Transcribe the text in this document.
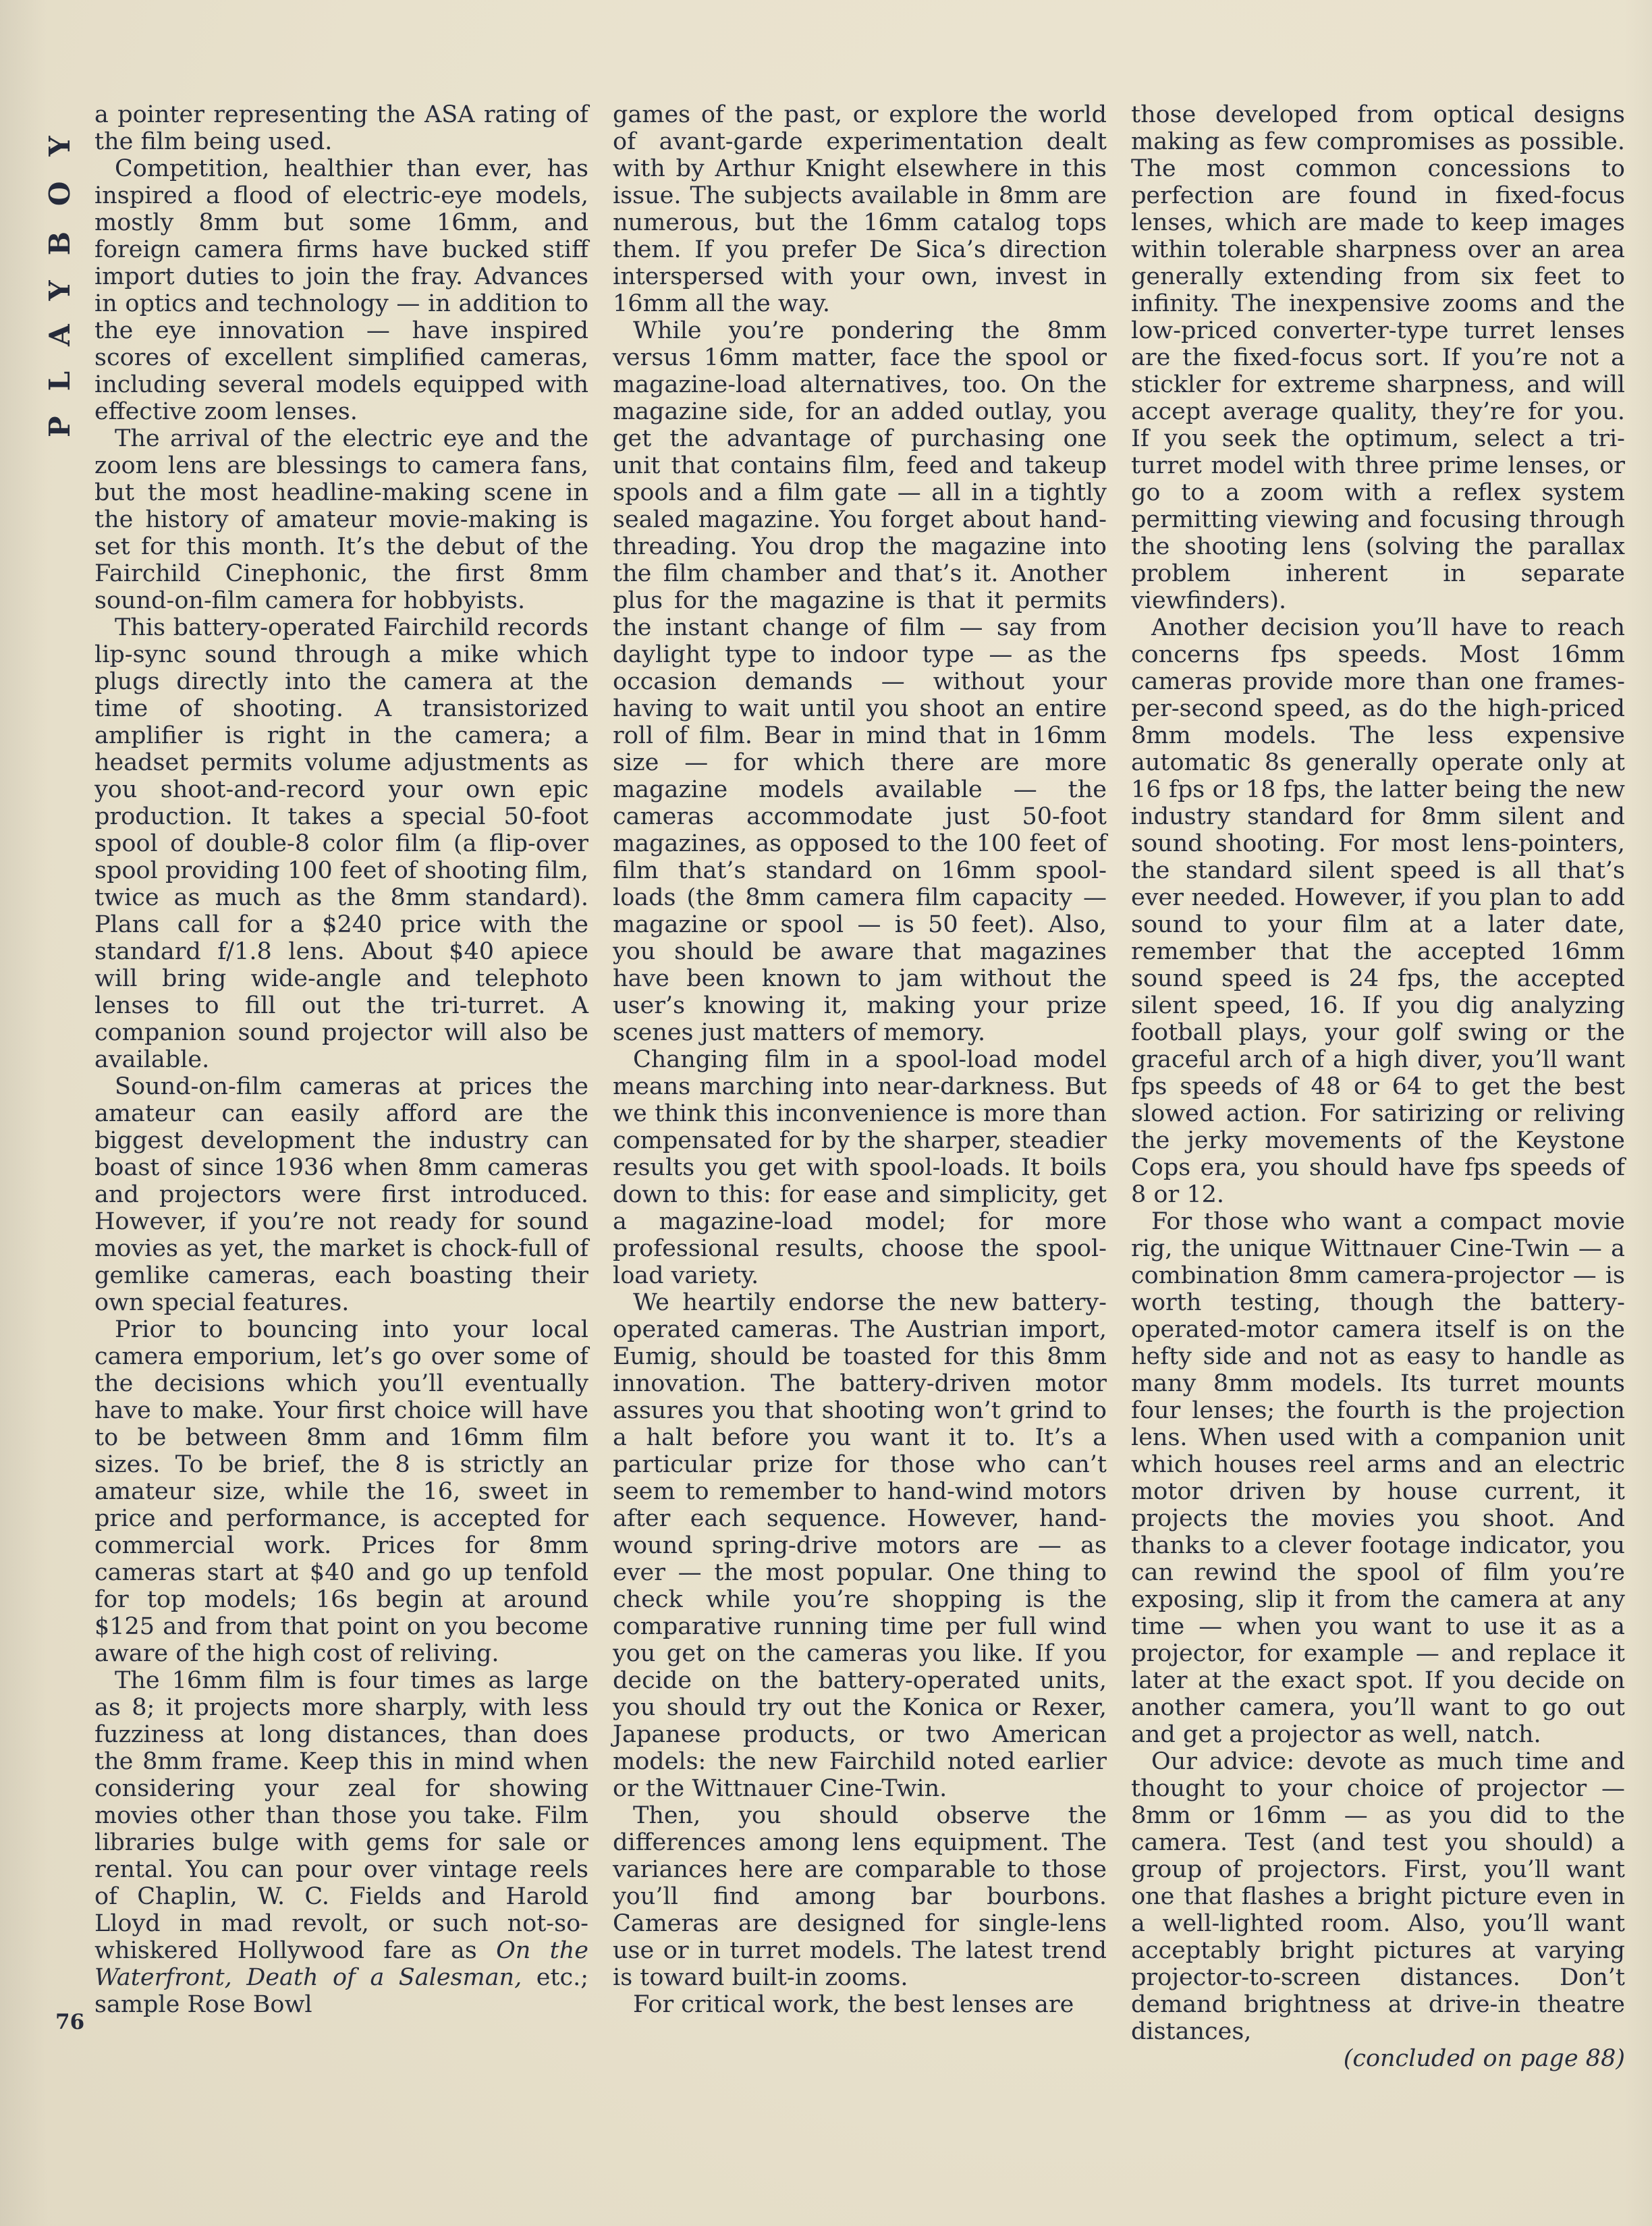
PLAYBOY a pointer representing the ASA rating of the film being used.

Competition, healthier than ever, has inspired a flood of electric-eye models, mostly 8mm but some 16mm, and foreign camera firms have bucked stiff import duties to join the fray. Advances in optics and technology — in addition to the eye innovation — have inspired scores of excellent simplified cameras, including several models equipped with effective zoom lenses.

The arrival of the electric eye and the zoom lens are blessings to camera fans, but the most headline-making scene in the history of amateur movie-making is set for this month. It’s the debut of the Fairchild Cinephonic, the first 8mm sound-on-film camera for hobbyists.

This battery-operated Fairchild records lip-sync sound through a mike which plugs directly into the camera at the time of shooting. A transistorized amplifier is right in the camera; a headset permits volume adjustments as you shoot-and-record your own epic production. It takes a special 50-foot spool of double-8 color film (a flip-over spool providing 100 feet of shooting film, twice as much as the 8mm standard). Plans call for a $240 price with the standard f/1.8 lens. About $40 apiece will bring wide-angle and telephoto lenses to fill out the tri-turret. A companion sound projector will also be available.

Sound-on-film cameras at prices the amateur can easily afford are the biggest development the industry can boast of since 1936 when 8mm cameras and projectors were first introduced. However, if you’re not ready for sound movies as yet, the market is chock-full of gemlike cameras, each boasting their own special features.

Prior to bouncing into your local camera emporium, let’s go over some of the decisions which you’ll eventually have to make. Your first choice will have to be between 8mm and 16mm film sizes. To be brief, the 8 is strictly an amateur size, while the 16, sweet in price and performance, is accepted for commercial work. Prices for 8mm cameras start at $40 and go up tenfold for top models; 16s begin at around $125 and from that point on you become aware of the high cost of reliving.

The 16mm film is four times as large as 8; it projects more sharply, with less fuzziness at long distances, than does the 8mm frame. Keep this in mind when considering your zeal for showing movies other than those you take. Film libraries bulge with gems for sale or rental. You can pour over vintage reels of Chaplin, W. C. Fields and Harold Lloyd in mad revolt, or such not-so-whiskered Hollywood fare as On the Waterfront, Death of a Salesman, etc.; sample Rose Bowl

games of the past, or explore the world of avant-garde experimentation dealt with by Arthur Knight elsewhere in this issue. The subjects available in 8mm are numerous, but the 16mm catalog tops them. If you prefer De Sica’s direction interspersed with your own, invest in 16mm all the way.

While you’re pondering the 8mm versus 16mm matter, face the spool or magazine-load alternatives, too. On the magazine side, for an added outlay, you get the advantage of purchasing one unit that contains film, feed and takeup spools and a film gate — all in a tightly sealed magazine. You forget about hand-threading. You drop the magazine into the film chamber and that’s it. Another plus for the magazine is that it permits the instant change of film — say from daylight type to indoor type — as the occasion demands — without your having to wait until you shoot an entire roll of film. Bear in mind that in 16mm size — for which there are more magazine models available — the cameras accommodate just 50-foot magazines, as opposed to the 100 feet of film that’s standard on 16mm spool-loads (the 8mm camera film capacity — magazine or spool — is 50 feet). Also, you should be aware that magazines have been known to jam without the user’s knowing it, making your prize scenes just matters of memory.

Changing film in a spool-load model means marching into near-darkness. But we think this inconvenience is more than compensated for by the sharper, steadier results you get with spool-loads. It boils down to this: for ease and simplicity, get a magazine-load model; for more professional results, choose the spool-load variety.

We heartily endorse the new battery-operated cameras. The Austrian import, Eumig, should be toasted for this 8mm innovation. The battery-driven motor assures you that shooting won’t grind to a halt before you want it to. It’s a particular prize for those who can’t seem to remember to hand-wind motors after each sequence. However, hand-wound spring-drive motors are — as ever — the most popular. One thing to check while you’re shopping is the comparative running time per full wind you get on the cameras you like. If you decide on the battery-operated units, you should try out the Konica or Rexer, Japanese products, or two American models: the new Fairchild noted earlier or the Wittnauer Cine-Twin.

Then, you should observe the differences among lens equipment. The variances here are comparable to those you’ll find among bar bourbons. Cameras are designed for single-lens use or in turret models. The latest trend is toward built-in zooms.

For critical work, the best lenses are

those developed from optical designs making as few compromises as possible. The most common concessions to perfection are found in fixed-focus lenses, which are made to keep images within tolerable sharpness over an area generally extending from six feet to infinity. The inexpensive zooms and the low-priced converter-type turret lenses are the fixed-focus sort. If you’re not a stickler for extreme sharpness, and will accept average quality, they’re for you. If you seek the optimum, select a tri-turret model with three prime lenses, or go to a zoom with a reflex system permitting viewing and focusing through the shooting lens (solving the parallax problem inherent in separate viewfinders).

Another decision you’ll have to reach concerns fps speeds. Most 16mm cameras provide more than one frames-per-second speed, as do the high-priced 8mm models. The less expensive automatic 8s generally operate only at 16 fps or 18 fps, the latter being the new industry standard for 8mm silent and sound shooting. For most lens-pointers, the standard silent speed is all that’s ever needed. However, if you plan to add sound to your film at a later date, remember that the accepted 16mm sound speed is 24 fps, the accepted silent speed, 16. If you dig analyzing football plays, your golf swing or the graceful arch of a high diver, you’ll want fps speeds of 48 or 64 to get the best slowed action. For satirizing or reliving the jerky movements of the Keystone Cops era, you should have fps speeds of 8 or 12.

For those who want a compact movie rig, the unique Wittnauer Cine-Twin — a combination 8mm camera-projector — is worth testing, though the battery-operated-motor camera itself is on the hefty side and not as easy to handle as many 8mm models. Its turret mounts four lenses; the fourth is the projection lens. When used with a companion unit which houses reel arms and an electric motor driven by house current, it projects the movies you shoot. And thanks to a clever footage indicator, you can rewind the spool of film you’re exposing, slip it from the camera at any time — when you want to use it as a projector, for example — and replace it later at the exact spot. If you decide on another camera, you’ll want to go out and get a projector as well, natch.

Our advice: devote as much time and thought to your choice of projector — 8mm or 16mm — as you did to the camera. Test (and test you should) a group of projectors. First, you’ll want one that flashes a bright picture even in a well-lighted room. Also, you’ll want acceptably bright pictures at varying projector-to-screen distances. Don’t demand brightness at drive-in theatre distances,

(concluded on page 88)

76
